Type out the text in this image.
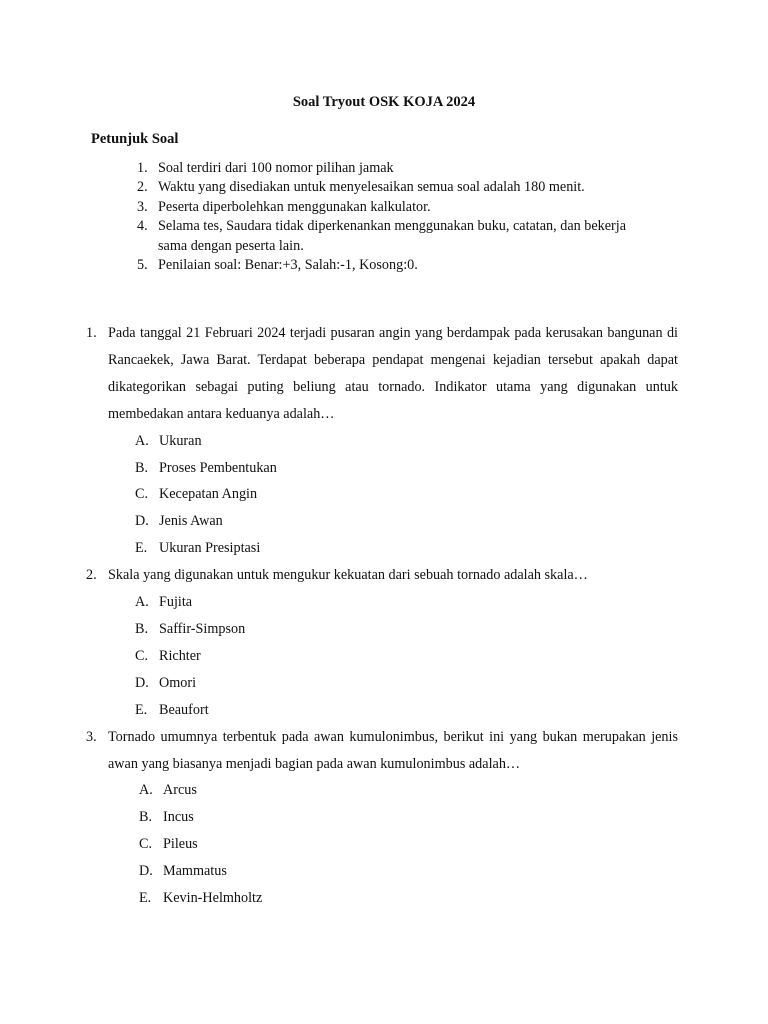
Soal Tryout OSK KOJA 2024
Petunjuk Soal
1. Soal terdiri dari 100 nomor pilihan jamak
2. Waktu yang disediakan untuk menyelesaikan semua soal adalah 180 menit.
3. Peserta diperbolehkan menggunakan kalkulator.
4. Selama tes, Saudara tidak diperkenankan menggunakan buku, catatan, dan bekerja sama dengan peserta lain.
5. Penilaian soal: Benar:+3, Salah:-1, Kosong:0.
1. Pada tanggal 21 Februari 2024 terjadi pusaran angin yang berdampak pada kerusakan bangunan di Rancaekek, Jawa Barat. Terdapat beberapa pendapat mengenai kejadian tersebut apakah dapat dikategorikan sebagai puting beliung atau tornado. Indikator utama yang digunakan untuk membedakan antara keduanya adalah…
A. Ukuran
B. Proses Pembentukan
C. Kecepatan Angin
D. Jenis Awan
E. Ukuran Presiptasi
2. Skala yang digunakan untuk mengukur kekuatan dari sebuah tornado adalah skala…
A. Fujita
B. Saffir-Simpson
C. Richter
D. Omori
E. Beaufort
3. Tornado umumnya terbentuk pada awan kumulonimbus, berikut ini yang bukan merupakan jenis awan yang biasanya menjadi bagian pada awan kumulonimbus adalah…
A. Arcus
B. Incus
C. Pileus
D. Mammatus
E. Kevin-Helmholtz
